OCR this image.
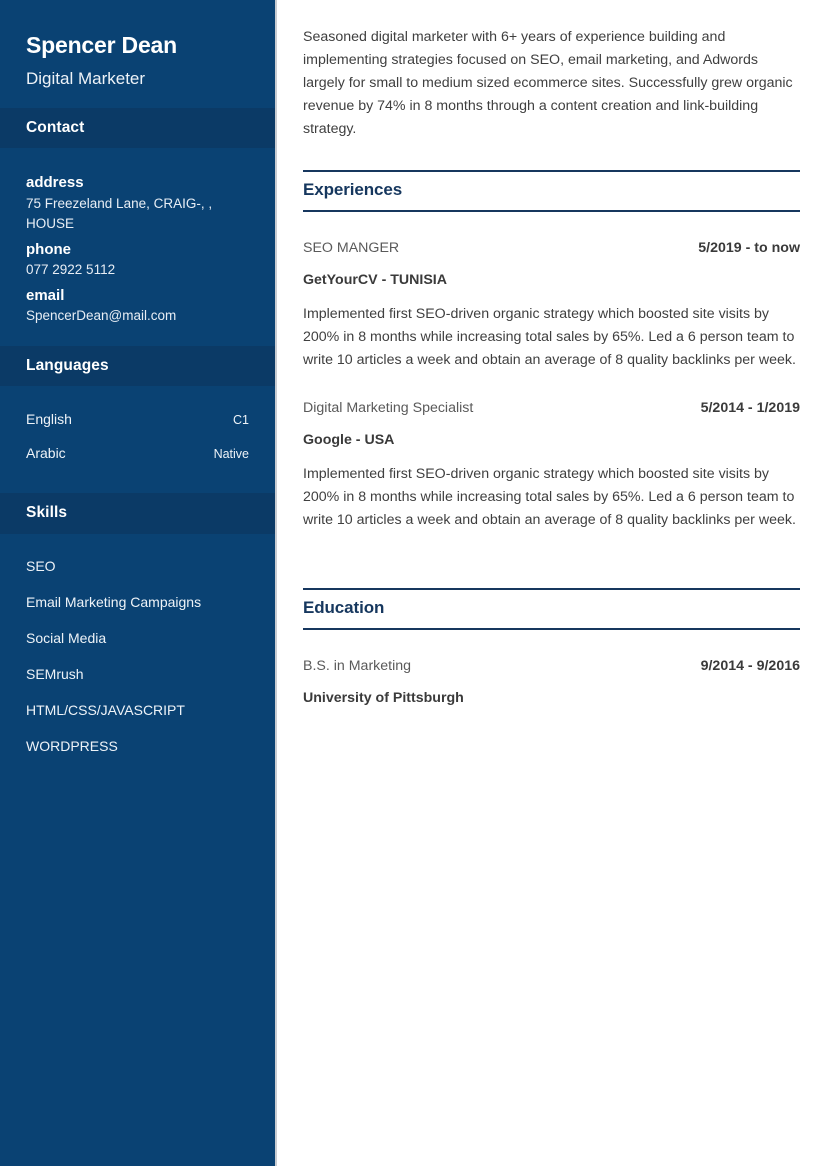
Spencer Dean
Digital Marketer
Contact
address
75 Freezeland Lane, CRAIG-, , HOUSE
phone
077 2922 5112
email
SpencerDean@mail.com
Languages
English	C1
Arabic	Native
Skills
SEO
Email Marketing Campaigns
Social Media
SEMrush
HTML/CSS/JAVASCRIPT
WORDPRESS

Seasoned digital marketer with 6+ years of experience building and implementing strategies focused on SEO, email marketing, and Adwords largely for small to medium sized ecommerce sites. Successfully grew organic revenue by 74% in 8 months through a content creation and link-building strategy.

Experiences
SEO MANGER	5/2019 - to now
GetYourCV - TUNISIA

Implemented first SEO-driven organic strategy which boosted site visits by 200% in 8 months while increasing total sales by 65%. Led a 6 person team to write 10 articles a week and obtain an average of 8 quality backlinks per week.

Digital Marketing Specialist	5/2014 - 1/2019
Google - USA

Implemented first SEO-driven organic strategy which boosted site visits by 200% in 8 months while increasing total sales by 65%. Led a 6 person team to write 10 articles a week and obtain an average of 8 quality backlinks per week.

Education
B.S. in Marketing	9/2014 - 9/2016
University of Pittsburgh
